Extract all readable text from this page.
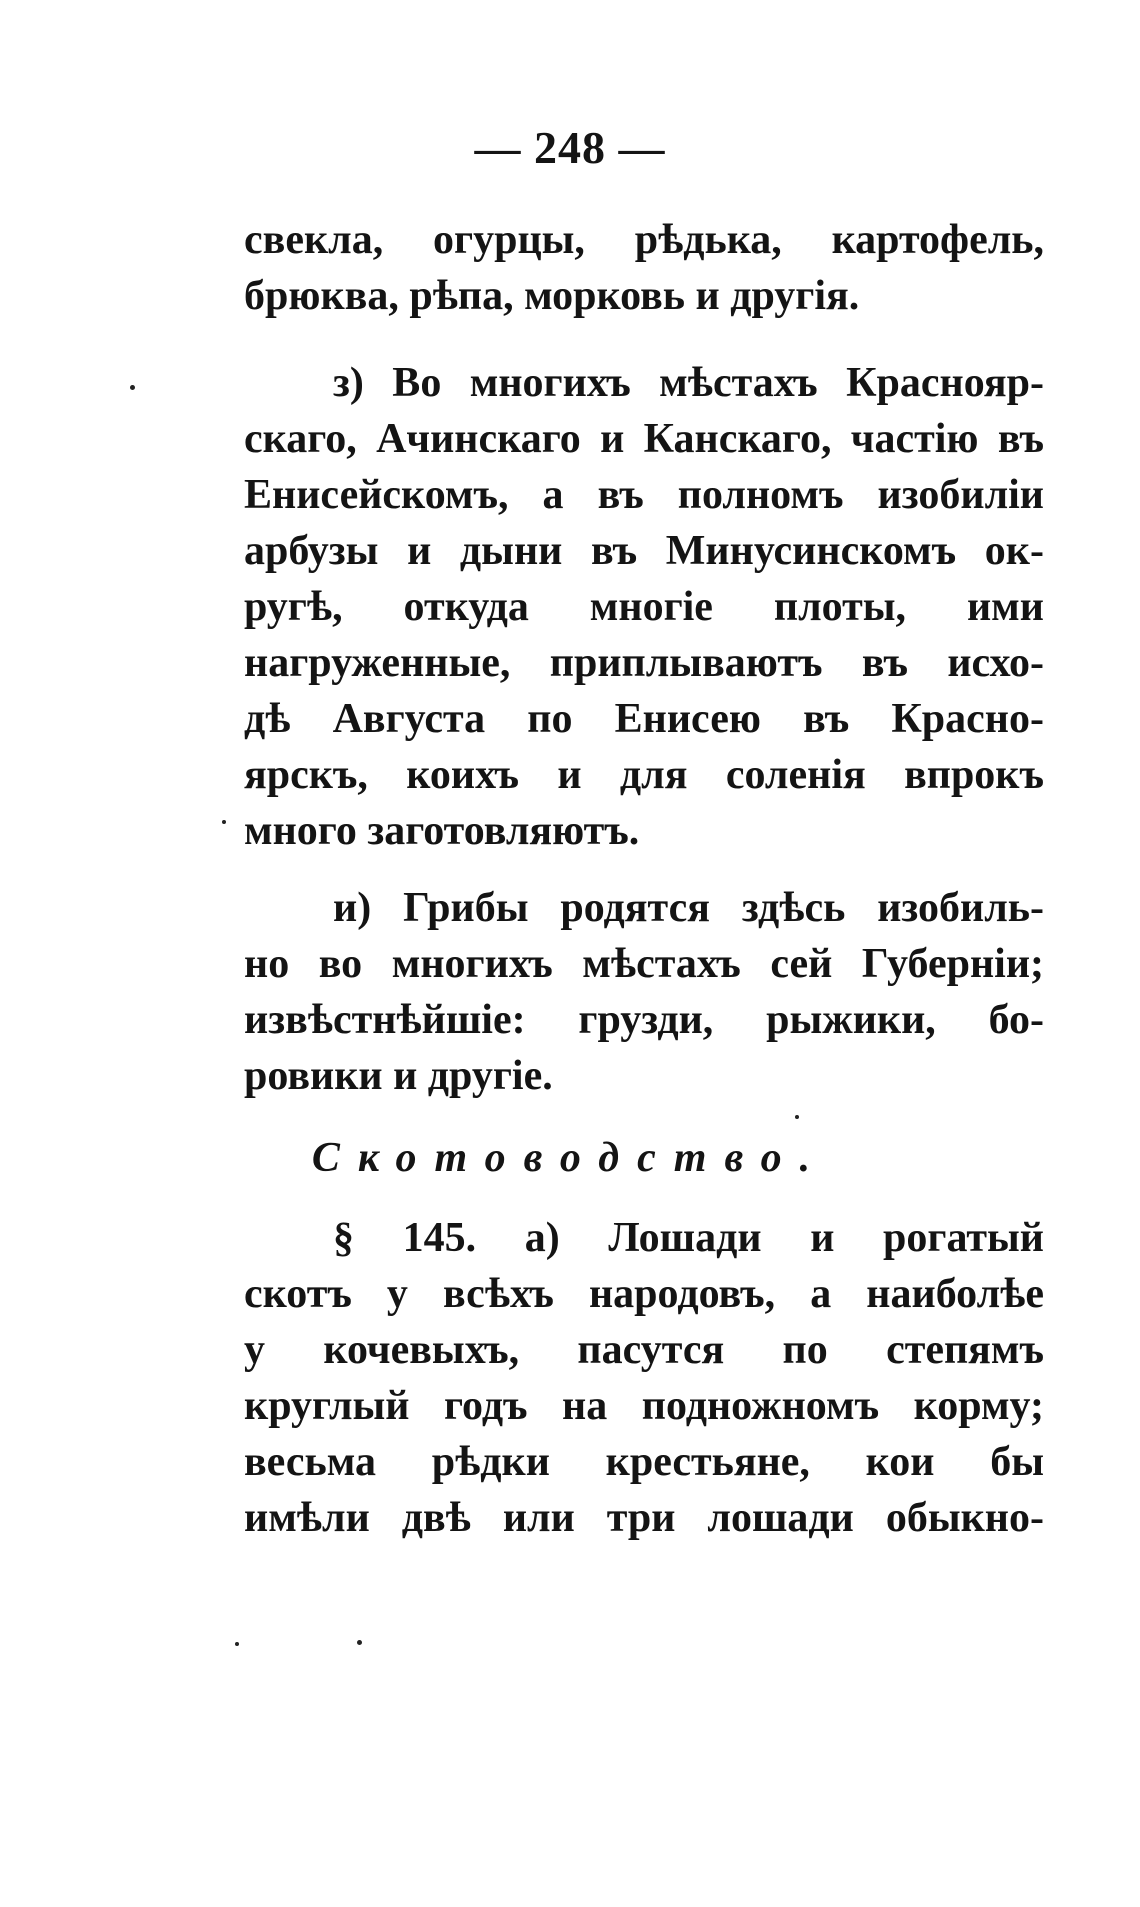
— 248 —
свекла, огурцы, рѣдька, картофель,
брюква, рѣпа, морковь и другія.
з) Во многихъ мѣстахъ Краснояр-
скаго, Ачинскаго и Канскаго, частію въ
Енисейскомъ, а въ полномъ изобиліи
арбузы и дыни въ Минусинскомъ ок-
ругѣ, откуда многіе плоты, ими
нагруженные, приплываютъ въ исхо-
дѣ Августа по Енисею въ Красно-
ярскъ, коихъ и для соленія впрокъ
много заготовляютъ.
и) Грибы родятся здѣсь изобиль-
но во многихъ мѣстахъ сей Губерніи;
извѣстнѣйшіе: грузди, рыжики, бо-
ровики и другіе.
Скотоводство.
§ 145. а) Лошади и рогатый
скотъ у всѣхъ народовъ, а наиболѣе
у кочевыхъ, пасутся по степямъ
круглый годъ на подножномъ корму;
весьма рѣдки крестьяне, кои бы
имѣли двѣ или три лошади обыкно-
